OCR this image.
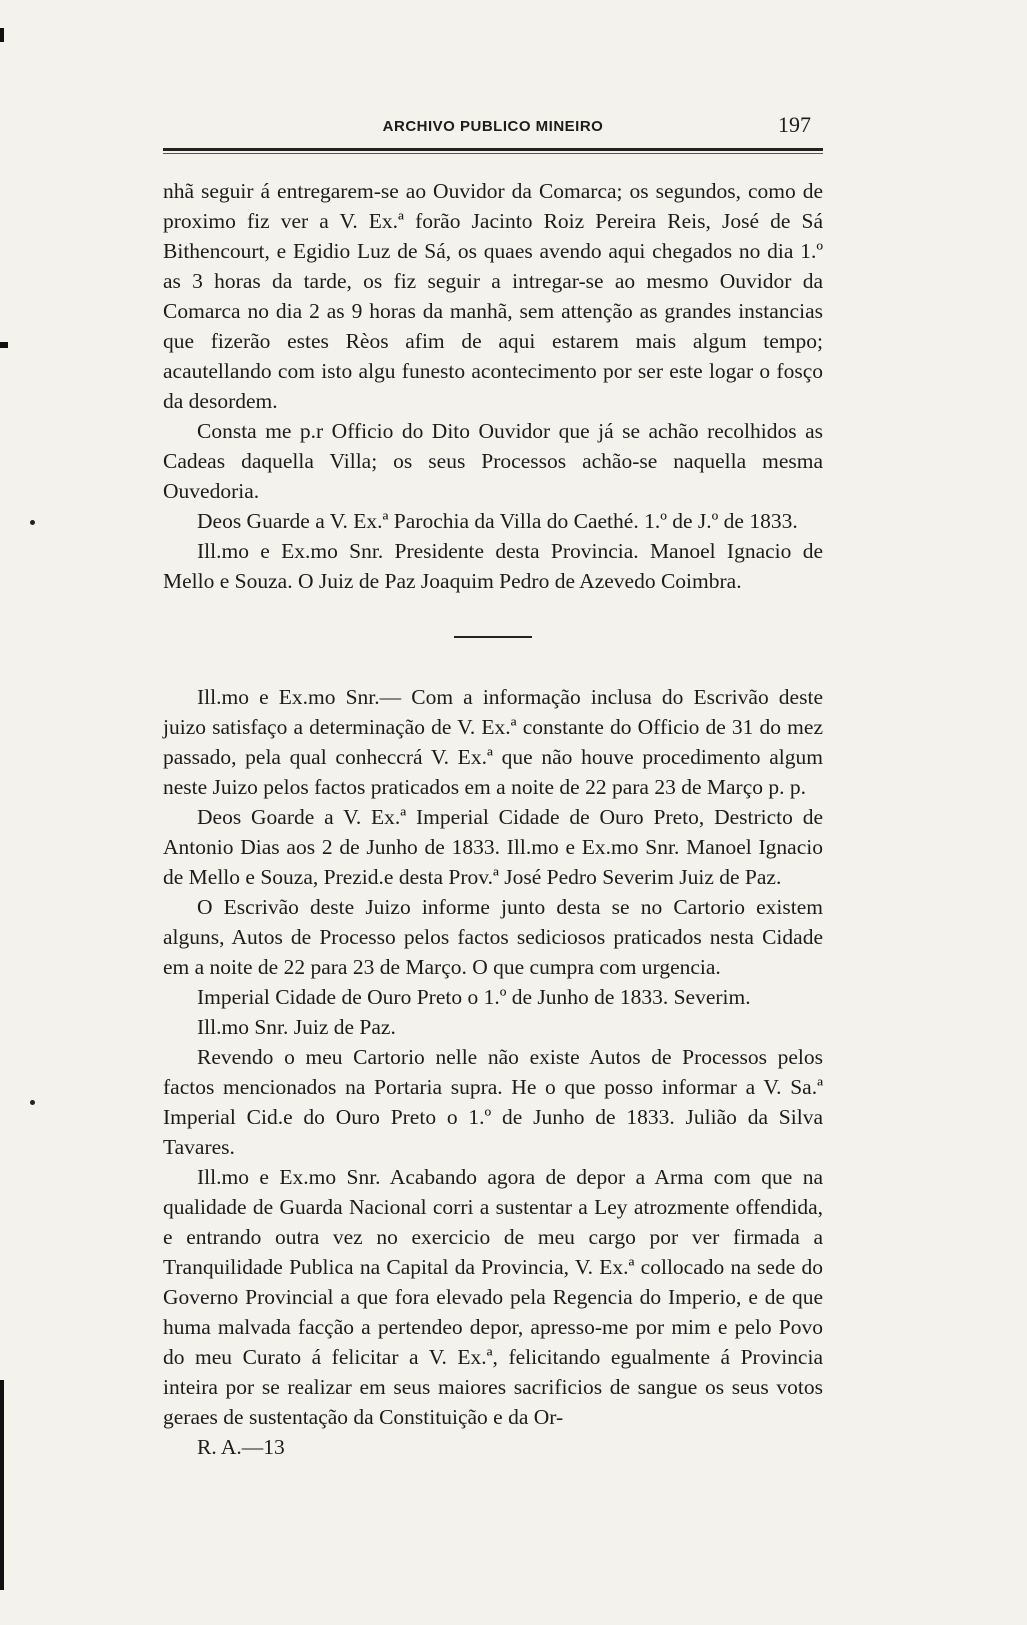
ARCHIVO PUBLICO MINEIRO	197

nhã seguir á entregarem-se ao Ouvidor da Comarca; os segundos, como de proximo fiz ver a V. Ex.ª forão Jacinto Roiz Pereira Reis, José de Sá Bithencourt, e Egidio Luz de Sá, os quaes avendo aqui chegados no dia 1.º as 3 horas da tarde, os fiz seguir a intregar-se ao mesmo Ouvidor da Comarca no dia 2 as 9 horas da manhã, sem attenção as grandes instancias que fizerão estes Rèos afim de aqui estarem mais algum tempo; acautellando com isto algu funesto acontecimento por ser este logar o fosço da desordem.

Consta me p.r Officio do Dito Ouvidor que já se achão recolhidos as Cadeas daquella Villa; os seus Processos achão-se naquella mesma Ouvedoria.

Deos Guarde a V. Ex.ª Parochia da Villa do Caethé. 1.º de J.º de 1833.

Ill.mo e Ex.mo Snr. Presidente desta Provincia. Manoel Ignacio de Mello e Souza. O Juiz de Paz Joaquim Pedro de Azevedo Coimbra.

Ill.mo e Ex.mo Snr.— Com a informação inclusa do Escrivão deste juizo satisfaço a determinação de V. Ex.ª constante do Officio de 31 do mez passado, pela qual conheccrá V. Ex.ª que não houve procedimento algum neste Juizo pelos factos praticados em a noite de 22 para 23 de Março p. p.

Deos Goarde a V. Ex.ª Imperial Cidade de Ouro Preto, Destricto de Antonio Dias aos 2 de Junho de 1833. Ill.mo e Ex.mo Snr. Manoel Ignacio de Mello e Souza, Prezid.e desta Prov.ª José Pedro Severim Juiz de Paz.

O Escrivão deste Juizo informe junto desta se no Cartorio existem alguns, Autos de Processo pelos factos sediciosos praticados nesta Cidade em a noite de 22 para 23 de Março. O que cumpra com urgencia.

Imperial Cidade de Ouro Preto o 1.º de Junho de 1833. Severim.

Ill.mo Snr. Juiz de Paz.

Revendo o meu Cartorio nelle não existe Autos de Processos pelos factos mencionados na Portaria supra. He o que posso informar a V. Sa.ª Imperial Cid.e do Ouro Preto o 1.º de Junho de 1833. Julião da Silva Tavares.

Ill.mo e Ex.mo Snr. Acabando agora de depor a Arma com que na qualidade de Guarda Nacional corri a sustentar a Ley atrozmente offendida, e entrando outra vez no exercicio de meu cargo por ver firmada a Tranquilidade Publica na Capital da Provincia, V. Ex.ª collocado na sede do Governo Provincial a que fora elevado pela Regencia do Imperio, e de que huma malvada facção a pertendeo depor, apresso-me por mim e pelo Povo do meu Curato á felicitar a V. Ex.ª, felicitando egualmente á Provincia inteira por se realizar em seus maiores sacrificios de sangue os seus votos geraes de sustentação da Constituição e da Or-

R. A.—13
